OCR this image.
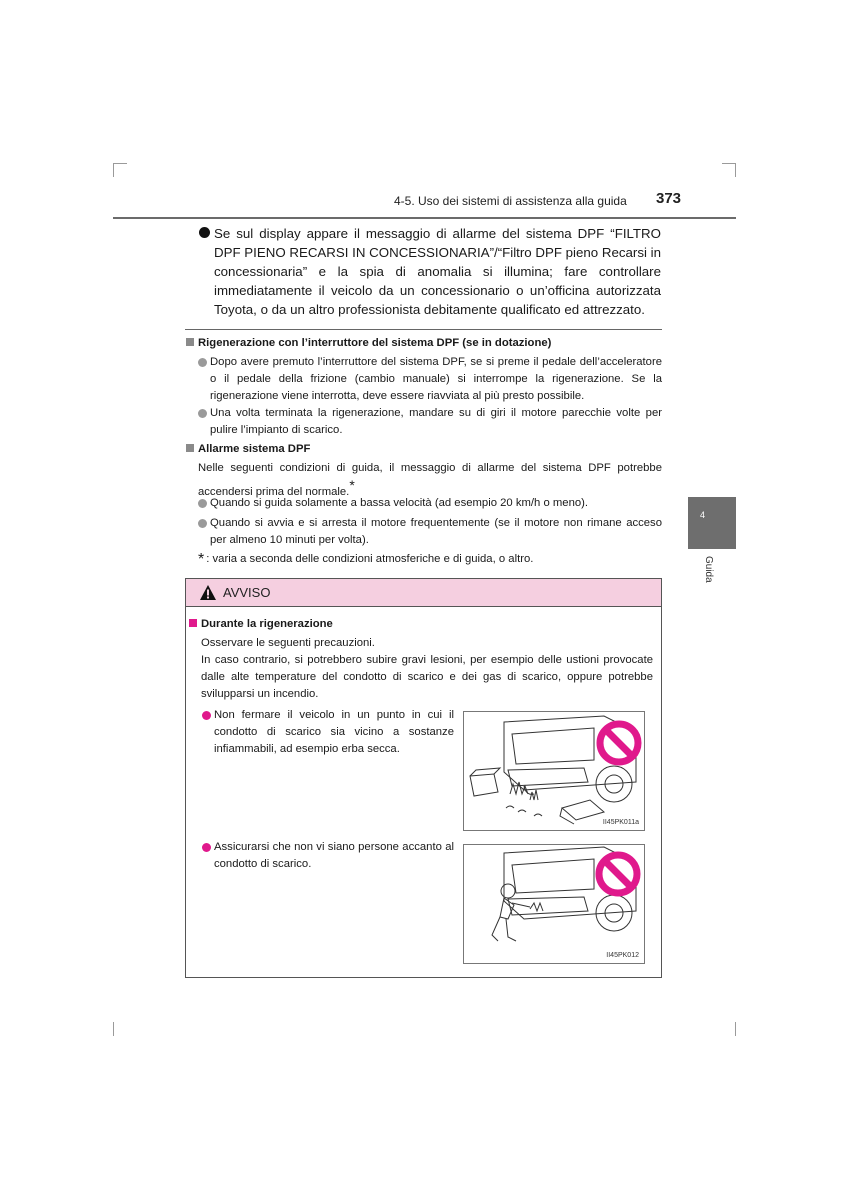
4-5. Uso dei sistemi di assistenza alla guida 373
Se sul display appare il messaggio di allarme del sistema DPF “FILTRO DPF PIENO RECARSI IN CONCESSIONARIA”/“Filtro DPF pieno Recarsi in concessionaria” e la spia di anomalia si illumina; fare controllare immediatamente il veicolo da un concessionario o un’officina autorizzata Toyota, o da un altro professionista debitamente qualificato ed attrezzato.
Rigenerazione con l’interruttore del sistema DPF (se in dotazione)
Dopo avere premuto l’interruttore del sistema DPF, se si preme il pedale dell’acceleratore o il pedale della frizione (cambio manuale) si interrompe la rigenerazione. Se la rigenerazione viene interrotta, deve essere riavviata al più presto possibile.
Una volta terminata la rigenerazione, mandare su di giri il motore parecchie volte per pulire l’impianto di scarico.
Allarme sistema DPF
Nelle seguenti condizioni di guida, il messaggio di allarme del sistema DPF potrebbe accendersi prima del normale.*
Quando si guida solamente a bassa velocità (ad esempio 20 km/h o meno).
Quando si avvia e si arresta il motore frequentemente (se il motore non rimane acceso per almeno 10 minuti per volta).
* : varia a seconda delle condizioni atmosferiche e di guida, o altro.
4
Guida
AVVISO
Durante la rigenerazione
Osservare le seguenti precauzioni.
In caso contrario, si potrebbero subire gravi lesioni, per esempio delle ustioni provocate dalle alte temperature del condotto di scarico e dei gas di scarico, oppure potrebbe svilupparsi un incendio.
Non fermare il veicolo in un punto in cui il condotto di scarico sia vicino a sostanze infiammabili, ad esempio erba secca.
Assicurarsi che non vi siano persone accanto al condotto di scarico.
II45PK011a
II45PK012
